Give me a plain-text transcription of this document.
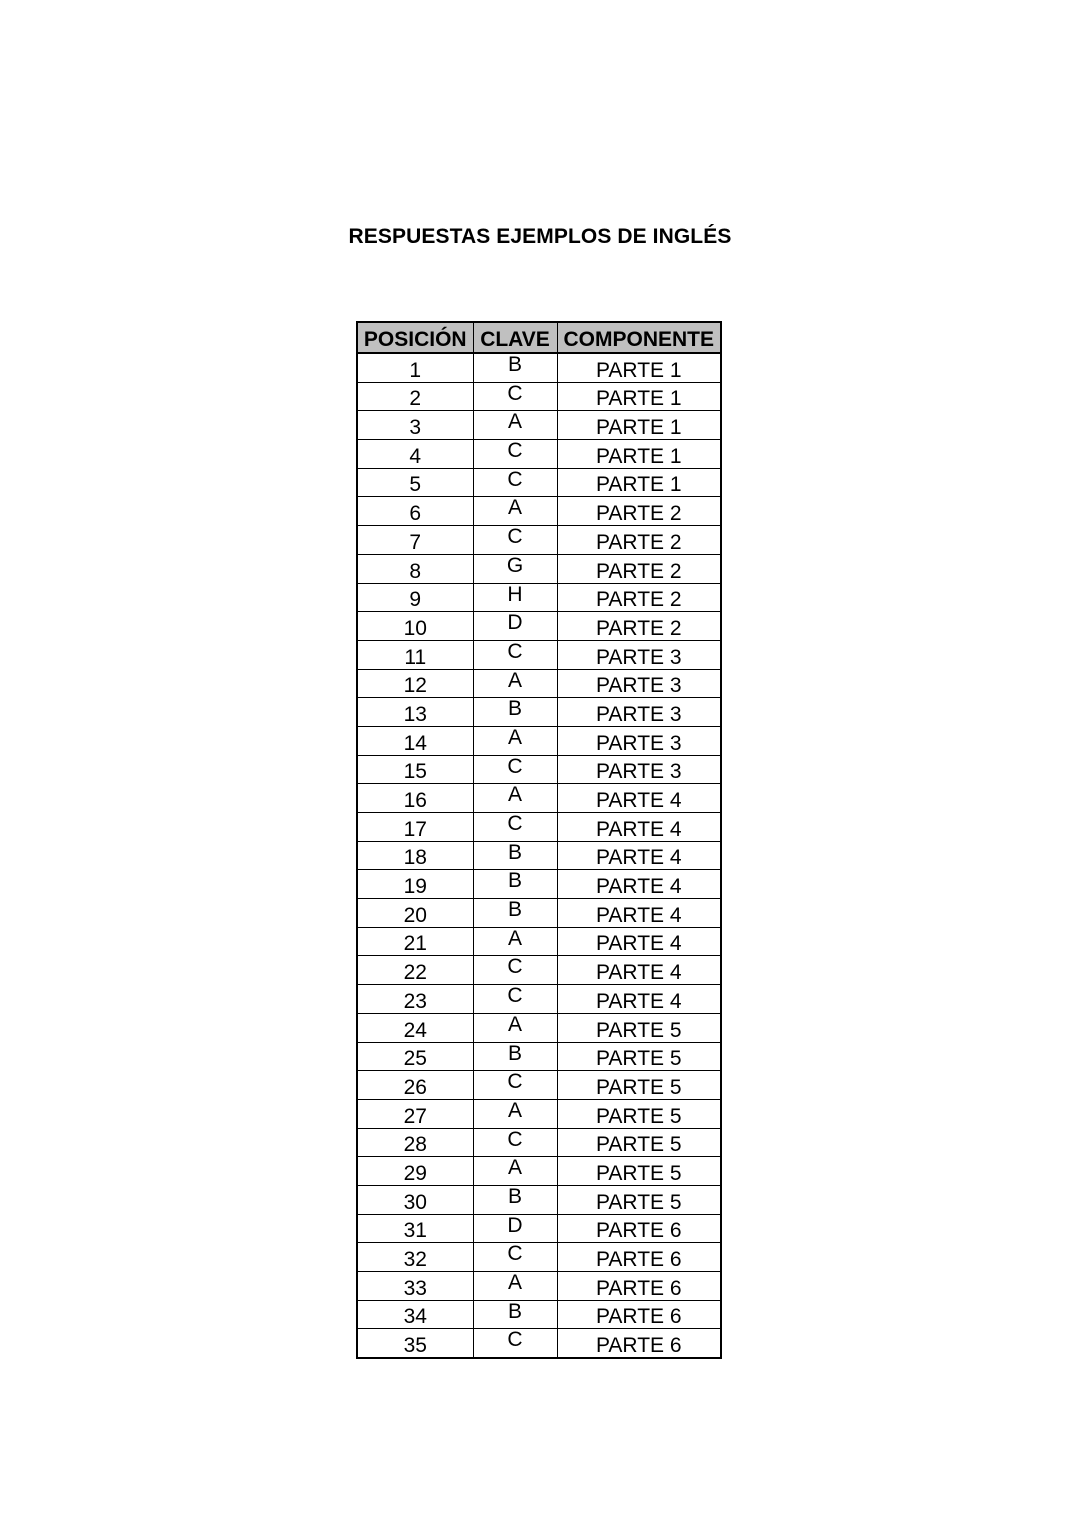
RESPUESTAS EJEMPLOS DE INGLÉS
POSICIÓN	CLAVE	COMPONENTE
1	B	PARTE 1
2	C	PARTE 1
3	A	PARTE 1
4	C	PARTE 1
5	C	PARTE 1
6	A	PARTE 2
7	C	PARTE 2
8	G	PARTE 2
9	H	PARTE 2
10	D	PARTE 2
11	C	PARTE 3
12	A	PARTE 3
13	B	PARTE 3
14	A	PARTE 3
15	C	PARTE 3
16	A	PARTE 4
17	C	PARTE 4
18	B	PARTE 4
19	B	PARTE 4
20	B	PARTE 4
21	A	PARTE 4
22	C	PARTE 4
23	C	PARTE 4
24	A	PARTE 5
25	B	PARTE 5
26	C	PARTE 5
27	A	PARTE 5
28	C	PARTE 5
29	A	PARTE 5
30	B	PARTE 5
31	D	PARTE 6
32	C	PARTE 6
33	A	PARTE 6
34	B	PARTE 6
35	C	PARTE 6
